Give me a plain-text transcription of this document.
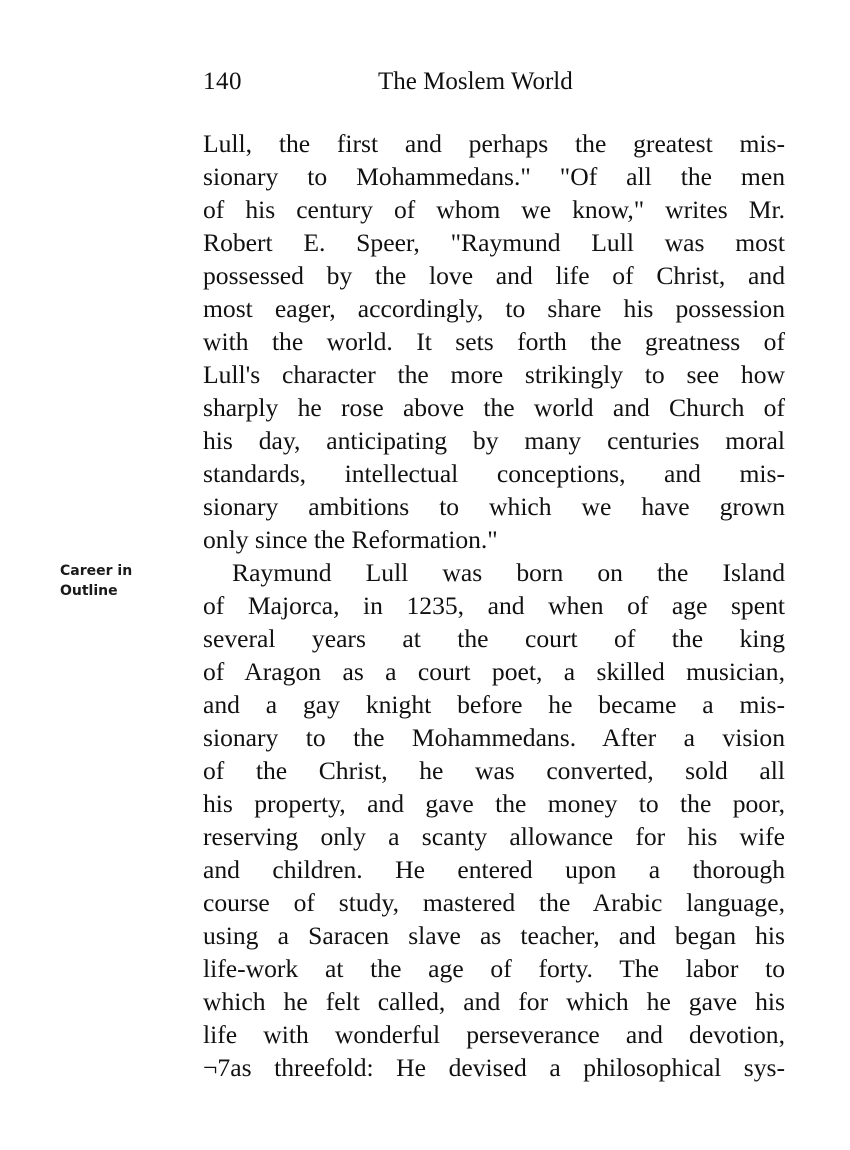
140	The Moslem World
Career in
Outline
Lull, the first and perhaps the greatest mis-
sionary to Mohammedans." "Of all the men
of his century of whom we know," writes Mr.
Robert E. Speer, "Raymund Lull was most
possessed by the love and life of Christ, and
most eager, accordingly, to share his possession
with the world. It sets forth the greatness of
Lull's character the more strikingly to see how
sharply he rose above the world and Church of
his day, anticipating by many centuries moral
standards, intellectual conceptions, and mis-
sionary ambitions to which we have grown
only since the Reformation."
Raymund Lull was born on the Island
of Majorca, in 1235, and when of age spent
several years at the court of the king
of Aragon as a court poet, a skilled musician,
and a gay knight before he became a mis-
sionary to the Mohammedans. After a vision
of the Christ, he was converted, sold all
his property, and gave the money to the poor,
reserving only a scanty allowance for his wife
and children. He entered upon a thorough
course of study, mastered the Arabic language,
using a Saracen slave as teacher, and began his
life-work at the age of forty. The labor to
which he felt called, and for which he gave his
life with wonderful perseverance and devotion,
¬7as threefold: He devised a philosophical sys-
